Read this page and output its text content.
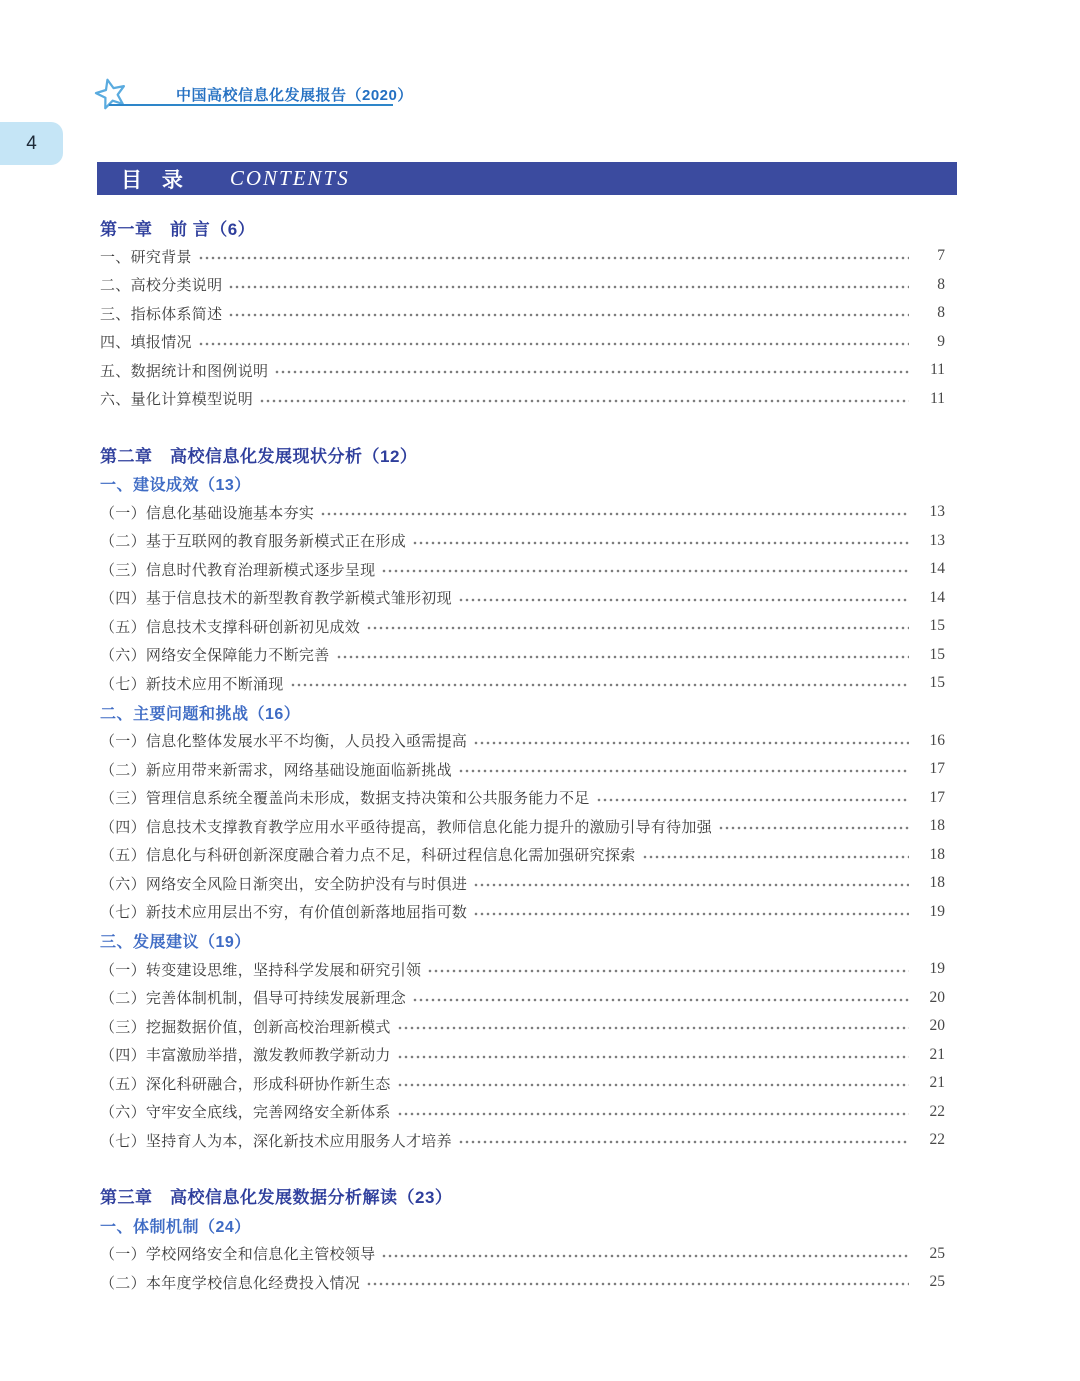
中国高校信息化发展报告（2020）
4
目 录 CONTENTS
第一章　前 言（6）
一、研究背景	7
二、高校分类说明	8
三、指标体系简述	8
四、填报情况	9
五、数据统计和图例说明	11
六、量化计算模型说明	11
第二章　高校信息化发展现状分析（12）
一、建设成效（13）
（一）信息化基础设施基本夯实	13
（二）基于互联网的教育服务新模式正在形成	13
（三）信息时代教育治理新模式逐步呈现	14
（四）基于信息技术的新型教育教学新模式雏形初现	14
（五）信息技术支撑科研创新初见成效	15
（六）网络安全保障能力不断完善	15
（七）新技术应用不断涌现	15
二、主要问题和挑战（16）
（一）信息化整体发展水平不均衡，人员投入亟需提高	16
（二）新应用带来新需求，网络基础设施面临新挑战	17
（三）管理信息系统全覆盖尚未形成，数据支持决策和公共服务能力不足	17
（四）信息技术支撑教育教学应用水平亟待提高，教师信息化能力提升的激励引导有待加强	18
（五）信息化与科研创新深度融合着力点不足，科研过程信息化需加强研究探索	18
（六）网络安全风险日渐突出，安全防护没有与时俱进	18
（七）新技术应用层出不穷，有价值创新落地屈指可数	19
三、发展建议（19）
（一）转变建设思维，坚持科学发展和研究引领	19
（二）完善体制机制，倡导可持续发展新理念	20
（三）挖掘数据价值，创新高校治理新模式	20
（四）丰富激励举措，激发教师教学新动力	21
（五）深化科研融合，形成科研协作新生态	21
（六）守牢安全底线，完善网络安全新体系	22
（七）坚持育人为本，深化新技术应用服务人才培养	22
第三章　高校信息化发展数据分析解读（23）
一、体制机制（24）
（一）学校网络安全和信息化主管校领导	25
（二）本年度学校信息化经费投入情况	25
